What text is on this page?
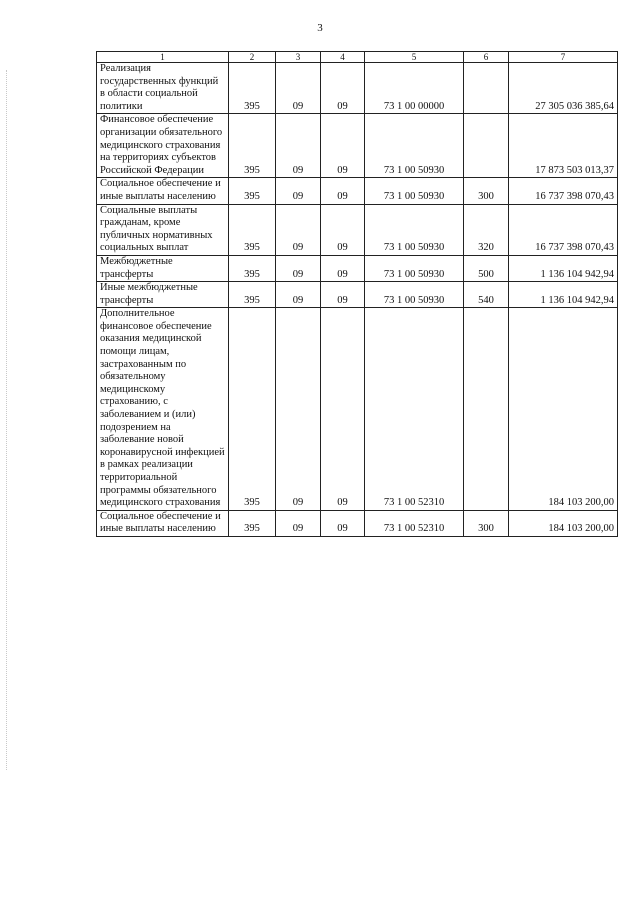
3
1	2	3	4	5	6	7
Реализация государственных функций в области социальной политики	395	09	09	73 1 00 00000		27 305 036 385,64
Финансовое обеспечение организации обязательного медицинского страхования на территориях субъектов Российской Федерации	395	09	09	73 1 00 50930		17 873 503 013,37
Социальное обеспечение и иные выплаты населению	395	09	09	73 1 00 50930	300	16 737 398 070,43
Социальные выплаты гражданам, кроме публичных нормативных социальных выплат	395	09	09	73 1 00 50930	320	16 737 398 070,43
Межбюджетные трансферты	395	09	09	73 1 00 50930	500	1 136 104 942,94
Иные межбюджетные трансферты	395	09	09	73 1 00 50930	540	1 136 104 942,94
Дополнительное финансовое обеспечение оказания медицинской помощи лицам, застрахованным по обязательному медицинскому страхованию, с заболеванием и (или) подозрением на заболевание новой коронавирусной инфекцией в рамках реализации территориальной программы обязательного медицинского страхования	395	09	09	73 1 00 52310		184 103 200,00
Социальное обеспечение и иные выплаты населению	395	09	09	73 1 00 52310	300	184 103 200,00
